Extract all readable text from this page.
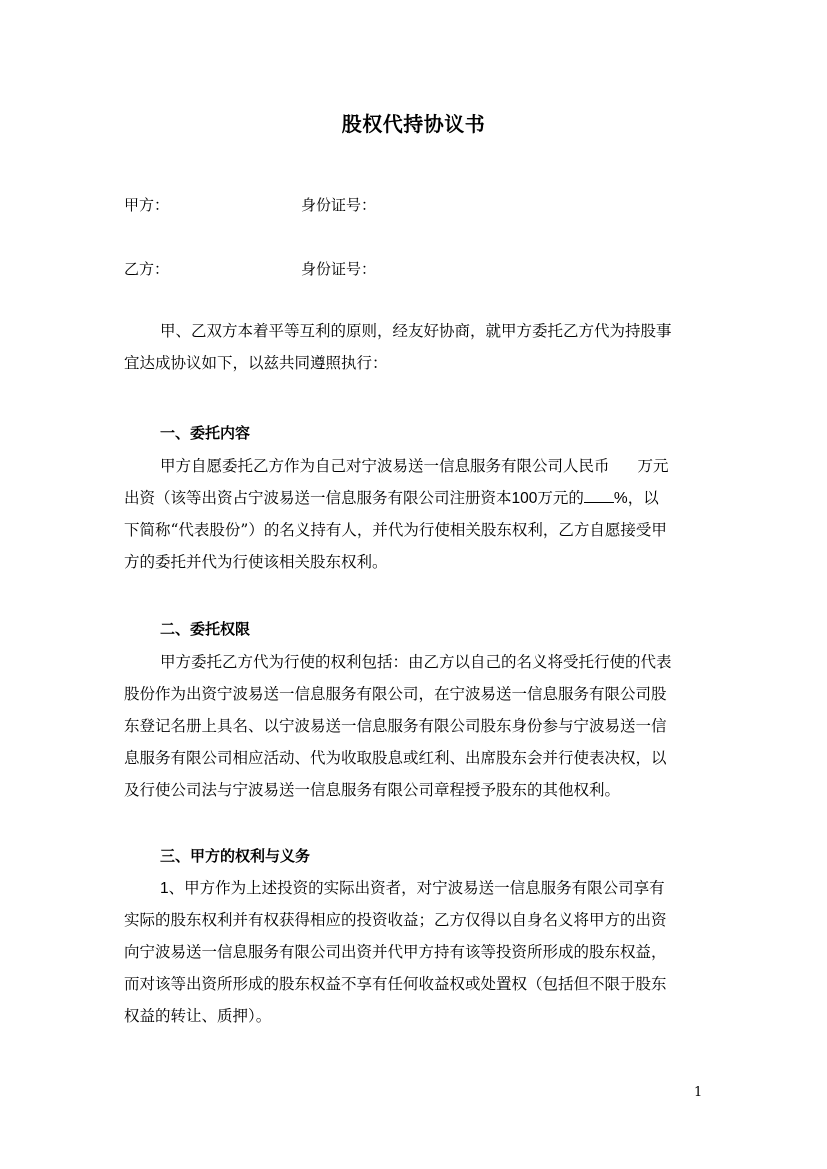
股权代持协议书
甲方：	身份证号：
乙方：	身份证号：
甲、乙双方本着平等互利的原则，经友好协商，就甲方委托乙方代为持股事
宜达成协议如下，以兹共同遵照执行：
一、委托内容
甲方自愿委托乙方作为自己对宁波易送一信息服务有限公司人民币 万元
出资（该等出资占宁波易送一信息服务有限公司注册资本100万元的 %，以
下简称“代表股份”）的名义持有人，并代为行使相关股东权利，乙方自愿接受甲
方的委托并代为行使该相关股东权利。
二、委托权限
甲方委托乙方代为行使的权利包括：由乙方以自己的名义将受托行使的代表
股份作为出资宁波易送一信息服务有限公司，在宁波易送一信息服务有限公司股
东登记名册上具名、以宁波易送一信息服务有限公司股东身份参与宁波易送一信
息服务有限公司相应活动、代为收取股息或红利、出席股东会并行使表决权，以
及行使公司法与宁波易送一信息服务有限公司章程授予股东的其他权利。
三、甲方的权利与义务
1、甲方作为上述投资的实际出资者，对宁波易送一信息服务有限公司享有
实际的股东权利并有权获得相应的投资收益；乙方仅得以自身名义将甲方的出资
向宁波易送一信息服务有限公司出资并代甲方持有该等投资所形成的股东权益，
而对该等出资所形成的股东权益不享有任何收益权或处置权（包括但不限于股东
权益的转让、质押）。
1
